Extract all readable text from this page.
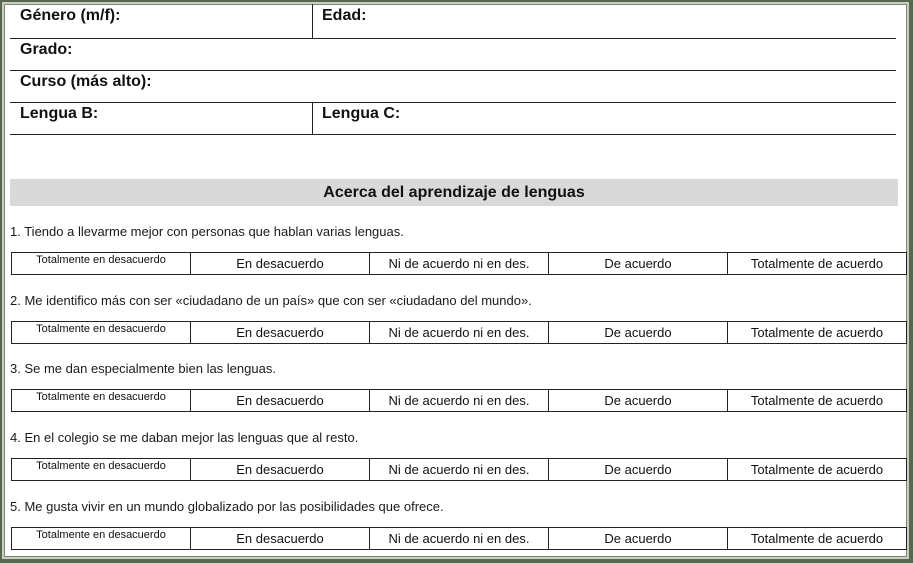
Género (m/f):	Edad:
Grado:
Curso (más alto):
Lengua B:	Lengua C:
Acerca del aprendizaje de lenguas
1. Tiendo a llevarme mejor con personas que hablan varias lenguas.
Totalmente en desacuerdo	En desacuerdo	Ni de acuerdo ni en des.	De acuerdo	Totalmente de acuerdo
2. Me identifico más con ser «ciudadano de un país» que con ser «ciudadano del mundo».
Totalmente en desacuerdo	En desacuerdo	Ni de acuerdo ni en des.	De acuerdo	Totalmente de acuerdo
3. Se me dan especialmente bien las lenguas.
Totalmente en desacuerdo	En desacuerdo	Ni de acuerdo ni en des.	De acuerdo	Totalmente de acuerdo
4. En el colegio se me daban mejor las lenguas que al resto.
Totalmente en desacuerdo	En desacuerdo	Ni de acuerdo ni en des.	De acuerdo	Totalmente de acuerdo
5. Me gusta vivir en un mundo globalizado por las posibilidades que ofrece.
Totalmente en desacuerdo	En desacuerdo	Ni de acuerdo ni en des.	De acuerdo	Totalmente de acuerdo
